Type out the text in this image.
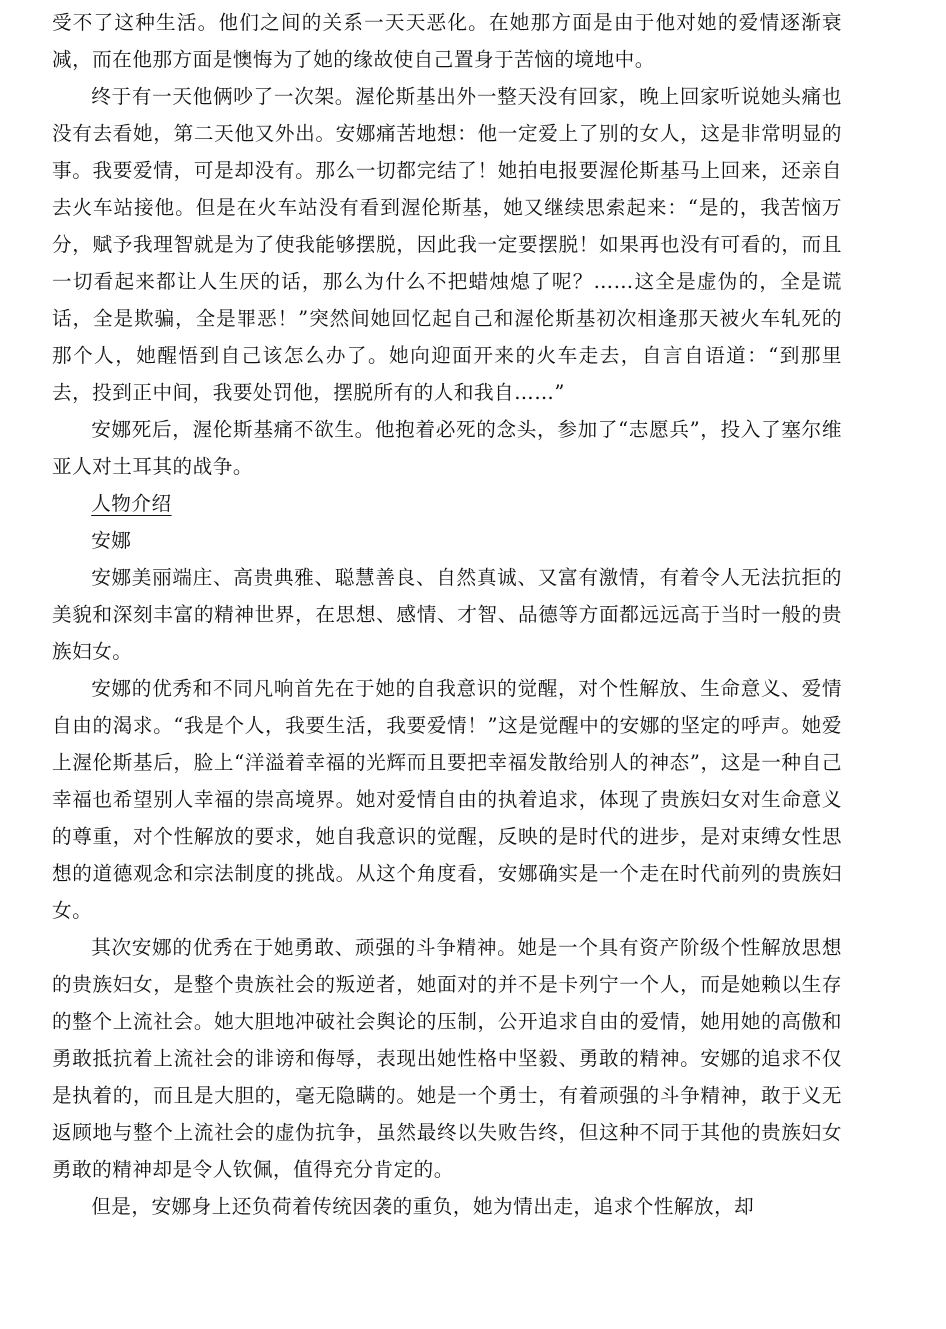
受不了这种生活。他们之间的关系一天天恶化。在她那方面是由于他对她的爱情逐渐衰减，而在他那方面是懊悔为了她的缘故使自己置身于苦恼的境地中。

终于有一天他俩吵了一次架。渥伦斯基出外一整天没有回家，晚上回家听说她头痛也没有去看她，第二天他又外出。安娜痛苦地想：他一定爱上了别的女人，这是非常明显的事。我要爱情，可是却没有。那么一切都完结了！她拍电报要渥伦斯基马上回来，还亲自去火车站接他。但是在火车站没有看到渥伦斯基，她又继续思索起来：“是的，我苦恼万分，赋予我理智就是为了使我能够摆脱，因此我一定要摆脱！如果再也没有可看的，而且一切看起来都让人生厌的话，那么为什么不把蜡烛熄了呢？……这全是虚伪的，全是谎话，全是欺骗，全是罪恶！”突然间她回忆起自己和渥伦斯基初次相逢那天被火车轧死的那个人，她醒悟到自己该怎么办了。她向迎面开来的火车走去，自言自语道：“到那里去，投到正中间，我要处罚他，摆脱所有的人和我自……”

安娜死后，渥伦斯基痛不欲生。他抱着必死的念头，参加了“志愿兵”，投入了塞尔维亚人对土耳其的战争。

人物介绍

安娜

安娜美丽端庄、高贵典雅、聪慧善良、自然真诚、又富有激情，有着令人无法抗拒的美貌和深刻丰富的精神世界，在思想、感情、才智、品德等方面都远远高于当时一般的贵族妇女。

安娜的优秀和不同凡响首先在于她的自我意识的觉醒，对个性解放、生命意义、爱情自由的渴求。“我是个人，我要生活，我要爱情！”这是觉醒中的安娜的坚定的呼声。她爱上渥伦斯基后，脸上“洋溢着幸福的光辉而且要把幸福发散给别人的神态”，这是一种自己幸福也希望别人幸福的崇高境界。她对爱情自由的执着追求，体现了贵族妇女对生命意义的尊重，对个性解放的要求，她自我意识的觉醒，反映的是时代的进步，是对束缚女性思想的道德观念和宗法制度的挑战。从这个角度看，安娜确实是一个走在时代前列的贵族妇女。

其次安娜的优秀在于她勇敢、顽强的斗争精神。她是一个具有资产阶级个性解放思想的贵族妇女，是整个贵族社会的叛逆者，她面对的并不是卡列宁一个人，而是她赖以生存的整个上流社会。她大胆地冲破社会舆论的压制，公开追求自由的爱情，她用她的高傲和勇敢抵抗着上流社会的诽谤和侮辱，表现出她性格中坚毅、勇敢的精神。安娜的追求不仅是执着的，而且是大胆的，毫无隐瞒的。她是一个勇士，有着顽强的斗争精神，敢于义无返顾地与整个上流社会的虚伪抗争，虽然最终以失败告终，但这种不同于其他的贵族妇女勇敢的精神却是令人钦佩，值得充分肯定的。

但是，安娜身上还负荷着传统因袭的重负，她为情出走，追求个性解放，却
